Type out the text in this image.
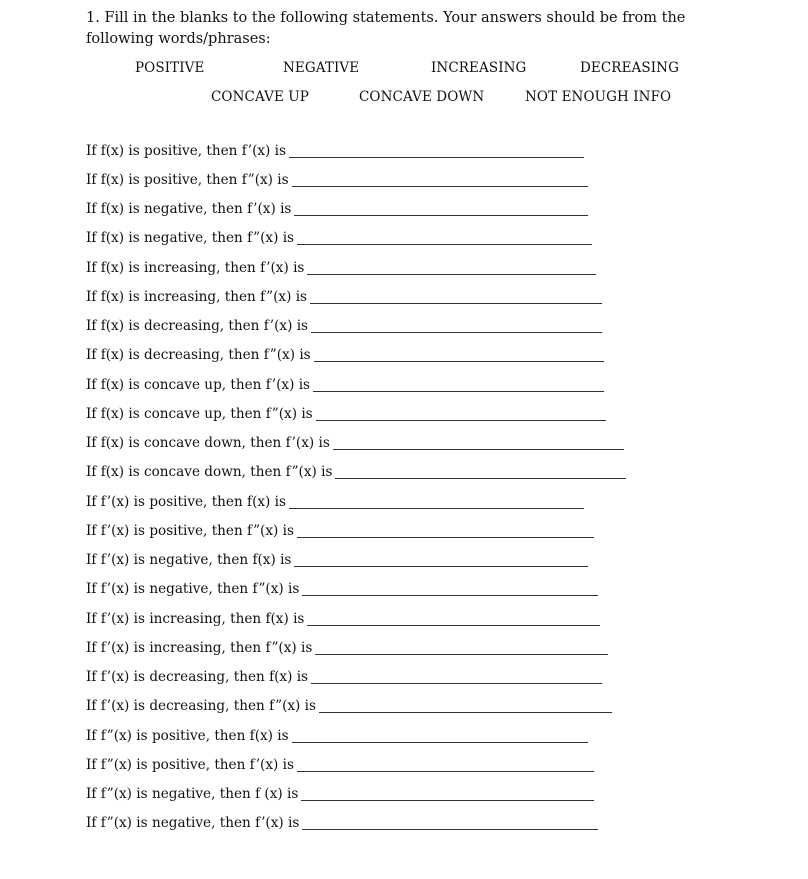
1. Fill in the blanks to the following statements. Your answers should be from the following words/phrases:
POSITIVE	NEGATIVE	INCREASING	DECREASING
CONCAVE UP	CONCAVE DOWN	NOT ENOUGH INFO
If f(x) is positive, then f’(x) is
If f(x) is positive, then f”(x) is
If f(x) is negative, then f’(x) is
If f(x) is negative, then f”(x) is
If f(x) is increasing, then f’(x) is
If f(x) is increasing, then f”(x) is
If f(x) is decreasing, then f’(x) is
If f(x) is decreasing, then f”(x) is
If f(x) is concave up, then f’(x) is
If f(x) is concave up, then f”(x) is
If f(x) is concave down, then f’(x) is
If f(x) is concave down, then f”(x) is
If f’(x) is positive, then f(x) is
If f’(x) is positive, then f”(x) is
If f’(x) is negative, then f(x) is
If f’(x) is negative, then f”(x) is
If f’(x) is increasing, then f(x) is
If f’(x) is increasing, then f”(x) is
If f’(x) is decreasing, then f(x) is
If f’(x) is decreasing, then f”(x) is
If f”(x) is positive, then f(x) is
If f”(x) is positive, then f’(x) is
If f”(x) is negative, then f (x) is
If f”(x) is negative, then f’(x) is
